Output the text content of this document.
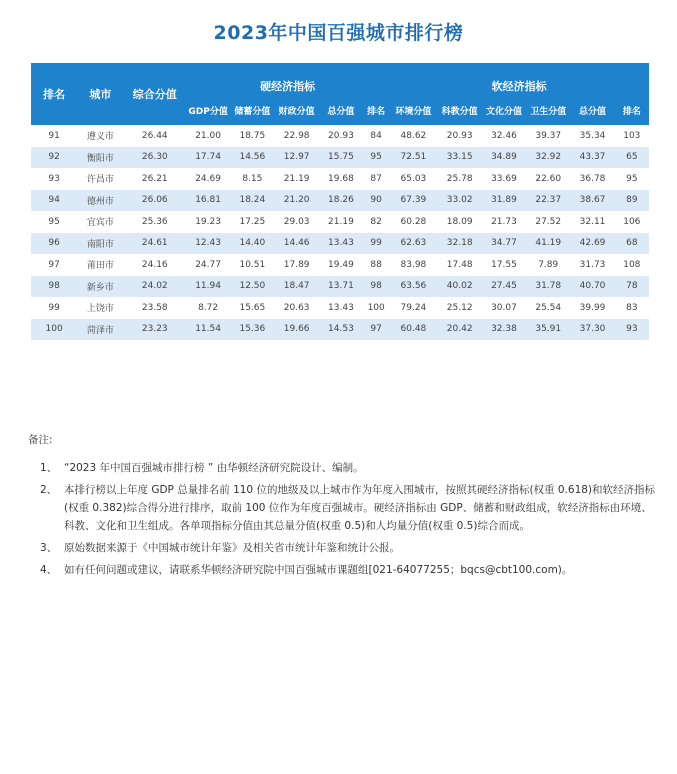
2023年中国百强城市排行榜
排名	城市	综合分值	硬经济指标					软经济指标					
			GDP分值	储蓄分值	财政分值	总分值	排名	环境分值	科教分值	文化分值	卫生分值	总分值	排名
91	遵义市	26.44	21.00	18.75	22.98	20.93	84	48.62	20.93	32.46	39.37	35.34	103
92	衡阳市	26.30	17.74	14.56	12.97	15.75	95	72.51	33.15	34.89	32.92	43.37	65
93	许昌市	26.21	24.69	8.15	21.19	19.68	87	65.03	25.78	33.69	22.60	36.78	95
94	德州市	26.06	16.81	18.24	21.20	18.26	90	67.39	33.02	31.89	22.37	38.67	89
95	宜宾市	25.36	19.23	17.25	29.03	21.19	82	60.28	18.09	21.73	27.52	32.11	106
96	南阳市	24.61	12.43	14.40	14.46	13.43	99	62.63	32.18	34.77	41.19	42.69	68
97	莆田市	24.16	24.77	10.51	17.89	19.49	88	83.98	17.48	17.55	7.89	31.73	108
98	新乡市	24.02	11.94	12.50	18.47	13.71	98	63.56	40.02	27.45	31.78	40.70	78
99	上饶市	23.58	8.72	15.65	20.63	13.43	100	79.24	25.12	30.07	25.54	39.99	83
100	菏泽市	23.23	11.54	15.36	19.66	14.53	97	60.48	20.42	32.38	35.91	37.30	93
备注:
1、 “2023 年中国百强城市排行榜 ” 由华顿经济研究院设计、编制。
2、 本排行榜以上年度 GDP 总量排名前 110 位的地级及以上城市作为年度入围城市，按照其硬经济指标(权重 0.618)和软经济指标(权重 0.382)综合得分进行排序，取前 100 位作为年度百强城市。硬经济指标由 GDP、储蓄和财政组成，软经济指标由环境、科教、文化和卫生组成。各单项指标分值由其总量分值(权重 0.5)和人均量分值(权重 0.5)综合而成。
3、 原始数据来源于《中国城市统计年鉴》及相关省市统计年鉴和统计公报。
4、 如有任何问题或建议，请联系华顿经济研究院中国百强城市课题组[021-64077255；bqcs@cbt100.com)。
